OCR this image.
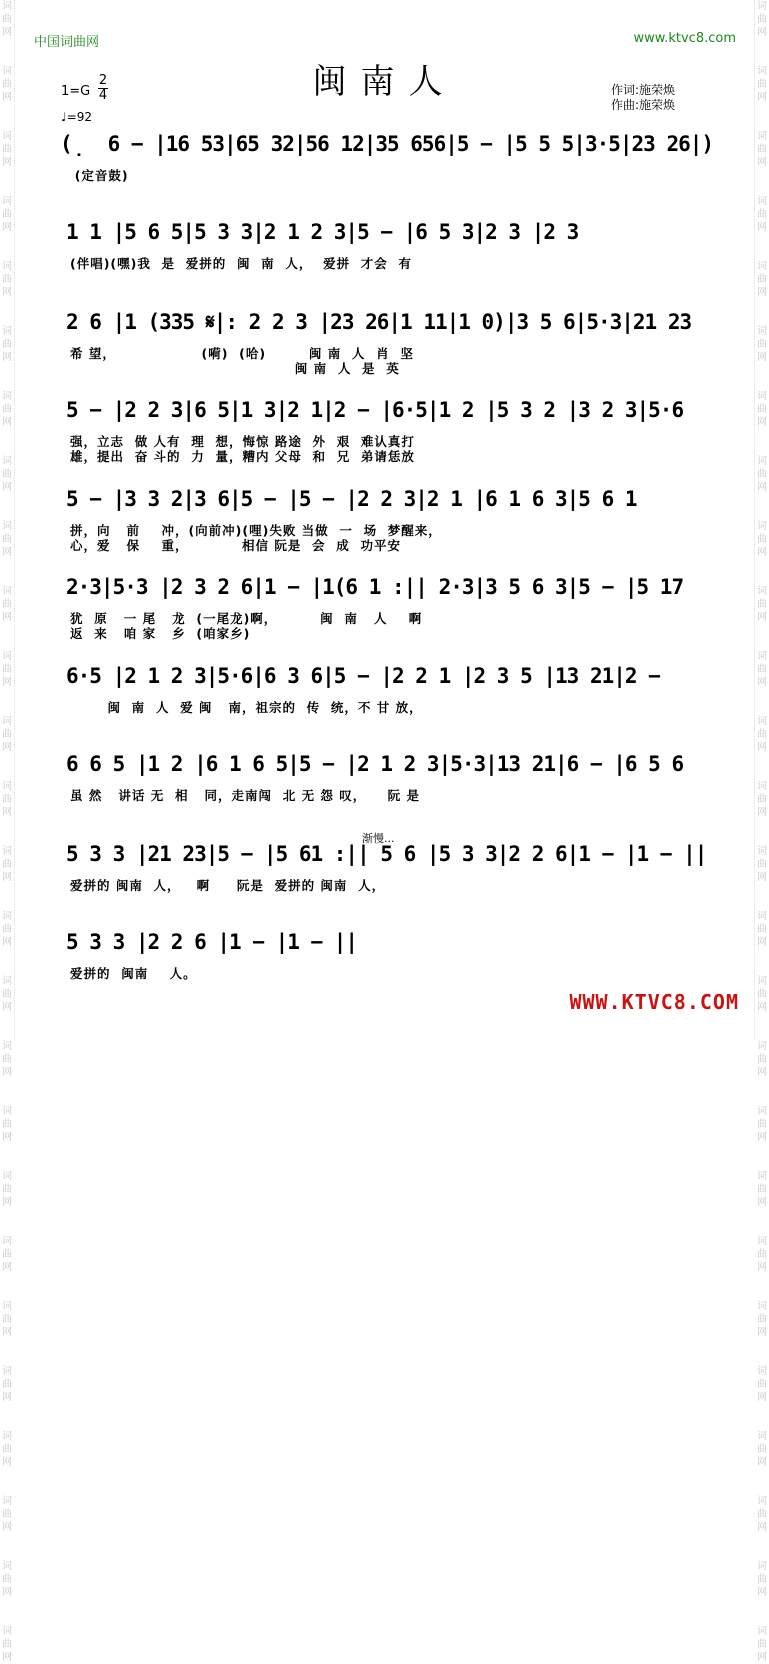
词
曲
网

词
曲
网

词
曲
网

词
曲
网

词
曲
网

词
曲
网

词
曲
网

词
曲
网

词
曲
网

词
曲
网

词
曲
网

词
曲
网

词
曲
网

词
曲
网

词
曲
网

词
曲
网

词
曲
网

词
曲
网

词
曲
网

词
曲
网

词
曲
网

词
曲
网

词
曲
网

词
曲
网

词
曲
网

词
曲
网

词
曲
网

词
曲
网

词
曲
网

词
曲
网

词
曲
网

词
曲
网

词
曲
网

词
曲
网

词
曲
网

词
曲
网

词
曲
网

词
曲
网

词
曲
网

词
曲
网

词
曲
网

词
曲
网

词
曲
网

词
曲
网

词
曲
网

词
曲
网

词
曲
网

词
曲
网

词
曲
网

词
曲
网

词
曲
网

词
曲
网

中国词曲网	www.ktvc8.com
闽南人
1=G
2
4
♩=92
作词:施荣焕
作曲:施荣焕
(̣  6 − |16 53|65 32|56 12|35 656|5 − |5 5 5|3·5|23 26|)
(定音鼓)
1 1 |5 6 5|5 3 3|2 1 2 3|5 − |6 5 3|2 3 |2 3
(伴唱)(嘿)我  是  爱拼的  闽  南  人，  爱拼  才会  有
2 6 |1 (335 𝄋|: 2 2 3 |23 26|1 11|1 0)|3 5 6|5·3|21 23
希 望，                (嗬)  (哈)        闽 南  人  肖  坚
闽 南  人  是  英
5 − |2 2 3|6 5|1 3|2 1|2 − |6·5|1 2 |5 3 2 |3 2 3|5·6
强，立志  做 人有  理  想，悔惊 路途  外  艰  难认真打
雄，提出  奋 斗的  力  量，糟内 父母  和  兄  弟请恁放
5 − |3 3 2|3 6|5 − |5 − |2 2 3|2 1 |6 1 6 3|5 6 1
拼，向   前    冲，(向前冲)(哩)失败 当做  一  场  梦醒来，
心，爱   保    重，          相信 阮是  会  成  功平安
2·3|5·3 |2 3 2 6|1 − |1(6 1 :|| 2·3|3 5 6 3|5 − |5 17
犹  原   一 尾   龙  (一尾龙)啊，        闽  南   人    啊
返  来   咱 家   乡  (咱家乡)
6·5 |2 1 2 3|5·6|6 3 6|5 − |2 2 1 |2 3 5 |13 21|2 −
闽  南  人  爱 闽   南，祖宗的  传  统，不 甘 放，
6 6 5 |1 2 |6 1 6 5|5 − |2 1 2 3|5·3|13 21|6 − |6 5 6
虽 然   讲话 无  相   同，走南闯  北 无 怨 叹，    阮 是
5 3 3 |21 23|5 − |5 61 :|| 5 6 |5 3 3|2 2 6|1 − |1 − ||
爱拼的 闽南  人，   啊     阮是  爱拼的 闽南  人，
5 3 3 |2 2 6 |1 − |1 − ||
爱拼的  闽南    人。
渐慢...
WWW.KTVC8.COM
